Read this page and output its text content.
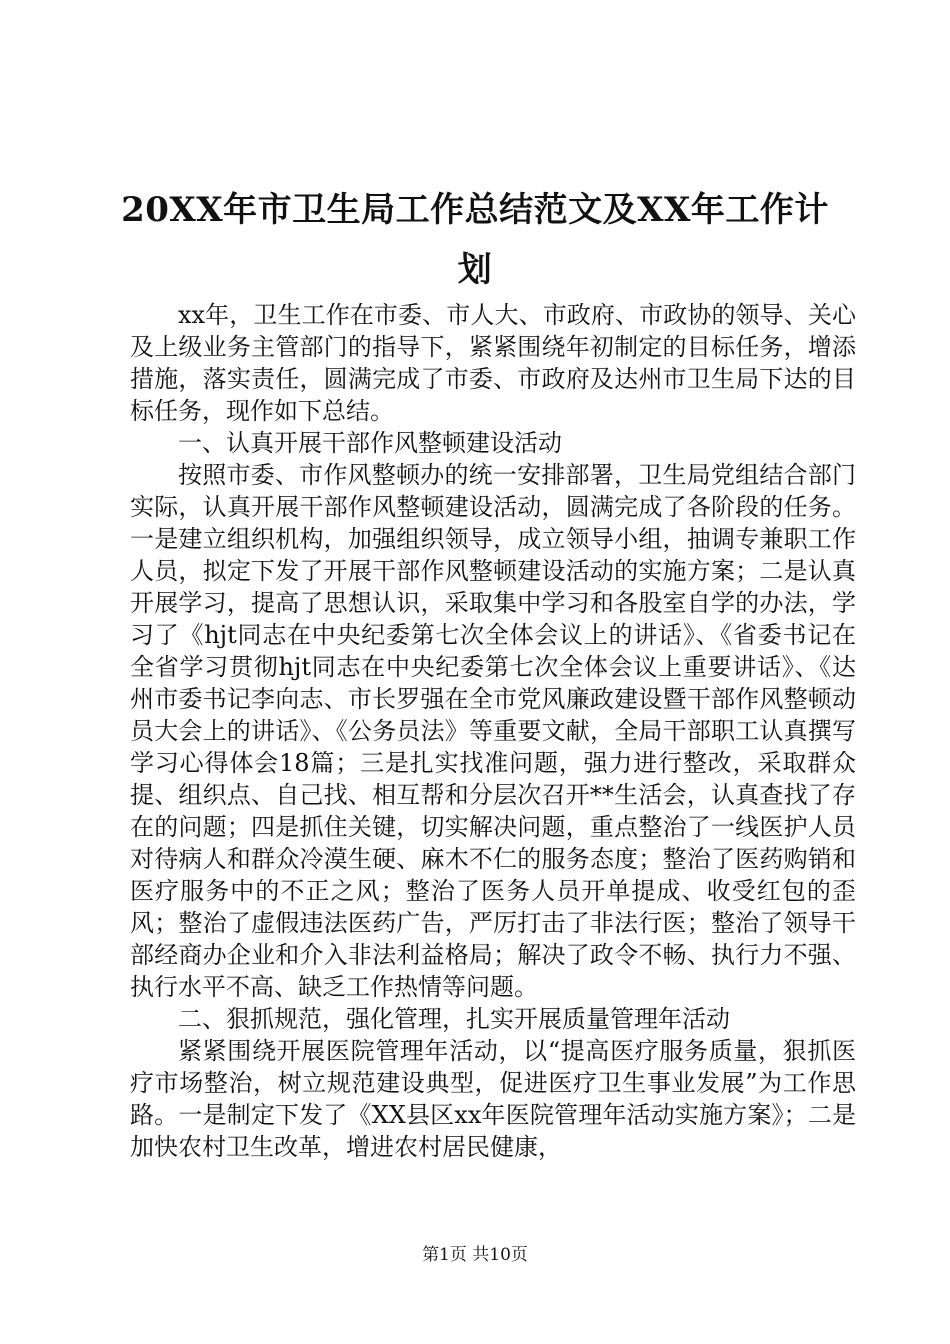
20XX年市卫生局工作总结范文及XX年工作计划

xx年，卫生工作在市委、市人大、市政府、市政协的领导、关心及上级业务主管部门的指导下，紧紧围绕年初制定的目标任务，增添措施，落实责任，圆满完成了市委、市政府及达州市卫生局下达的目标任务，现作如下总结。

一、认真开展干部作风整顿建设活动

按照市委、市作风整顿办的统一安排部署，卫生局党组结合部门实际，认真开展干部作风整顿建设活动，圆满完成了各阶段的任务。一是建立组织机构，加强组织领导，成立领导小组，抽调专兼职工作人员，拟定下发了开展干部作风整顿建设活动的实施方案；二是认真开展学习，提高了思想认识，采取集中学习和各股室自学的办法，学习了《hjt同志在中央纪委第七次全体会议上的讲话》、《省委书记在全省学习贯彻hjt同志在中央纪委第七次全体会议上重要讲话》、《达州市委书记李向志、市长罗强在全市党风廉政建设暨干部作风整顿动员大会上的讲话》、《公务员法》等重要文献，全局干部职工认真撰写学习心得体会18篇；三是扎实找准问题，强力进行整改，采取群众提、组织点、自己找、相互帮和分层次召开**生活会，认真查找了存在的问题；四是抓住关键，切实解决问题，重点整治了一线医护人员对待病人和群众冷漠生硬、麻木不仁的服务态度；整治了医药购销和医疗服务中的不正之风；整治了医务人员开单提成、收受红包的歪风；整治了虚假违法医药广告，严厉打击了非法行医；整治了领导干部经商办企业和介入非法利益格局；解决了政令不畅、执行力不强、执行水平不高、缺乏工作热情等问题。

二、狠抓规范，强化管理，扎实开展质量管理年活动

紧紧围绕开展医院管理年活动，以“提高医疗服务质量，狠抓医疗市场整治，树立规范建设典型，促进医疗卫生事业发展”为工作思路。一是制定下发了《XX县区xx年医院管理年活动实施方案》；二是加快农村卫生改革，增进农村居民健康，

第1页 共10页
